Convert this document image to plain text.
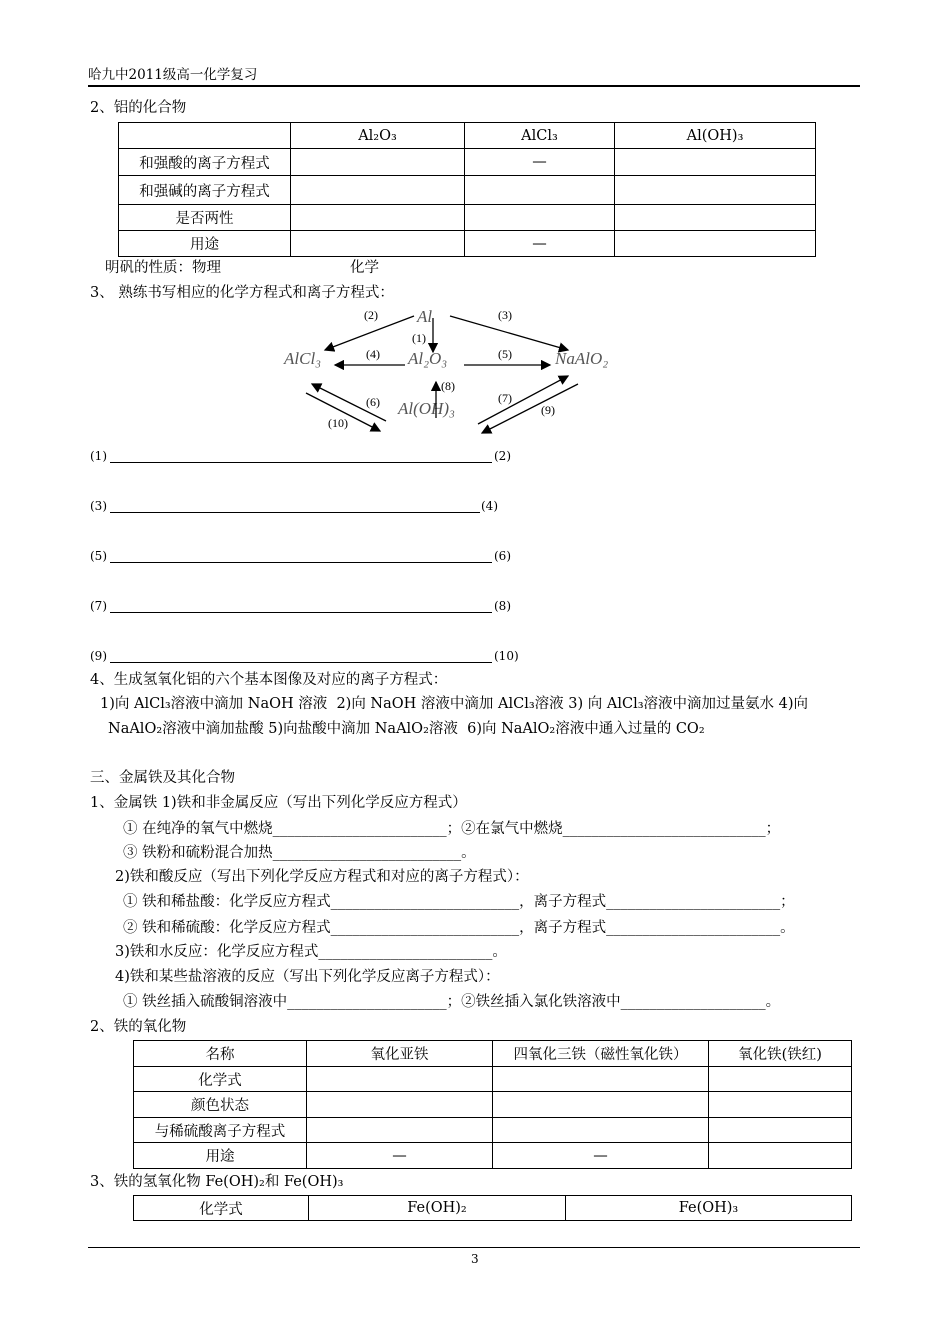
哈九中2011级高一化学复习
2、铝的化合物
	Al₂O₃	AlCl₃	Al(OH)₃
和强酸的离子方程式		—	
和强碱的离子方程式			
是否两性			
用途		—	
明矾的性质：物理	化学
3、 熟练书写相应的化学方程式和离子方程式：
Al
AlCl₃	Al₂O₃	NaAlO₂
Al(OH)₃
(1)
(2)	(3)
(4)	(5)
(6)	(7)
(8)
(9)
(10)
(1)	(2)
(3)	(4)
(5)	(6)
(7)	(8)
(9)	(10)
4、生成氢氧化铝的六个基本图像及对应的离子方程式：
1)向 AlCl₃溶液中滴加 NaOH 溶液  2)向 NaOH 溶液中滴加 AlCl₃溶液 3) 向 AlCl₃溶液中滴加过量氨水 4)向
NaAlO₂溶液中滴加盐酸 5)向盐酸中滴加 NaAlO₂溶液  6)向 NaAlO₂溶液中通入过量的 CO₂
三、金属铁及其化合物
1、金属铁 1)铁和非金属反应（写出下列化学反应方程式）
① 在纯净的氧气中燃烧________________________；②在氯气中燃烧____________________________；
③ 铁粉和硫粉混合加热__________________________。
2)铁和酸反应（写出下列化学反应方程式和对应的离子方程式）：
① 铁和稀盐酸：化学反应方程式__________________________，离子方程式________________________；
② 铁和稀硫酸：化学反应方程式__________________________，离子方程式________________________。
3)铁和水反应：化学反应方程式________________________。
4)铁和某些盐溶液的反应（写出下列化学反应离子方程式）：
① 铁丝插入硫酸铜溶液中______________________；②铁丝插入氯化铁溶液中____________________。
2、铁的氧化物
名称	氧化亚铁	四氧化三铁（磁性氧化铁）	氧化铁(铁红)
化学式			
颜色状态			
与稀硫酸离子方程式			
用途	—	—	
3、铁的氢氧化物 Fe(OH)₂和 Fe(OH)₃
化学式	Fe(OH)₂	Fe(OH)₃
3
